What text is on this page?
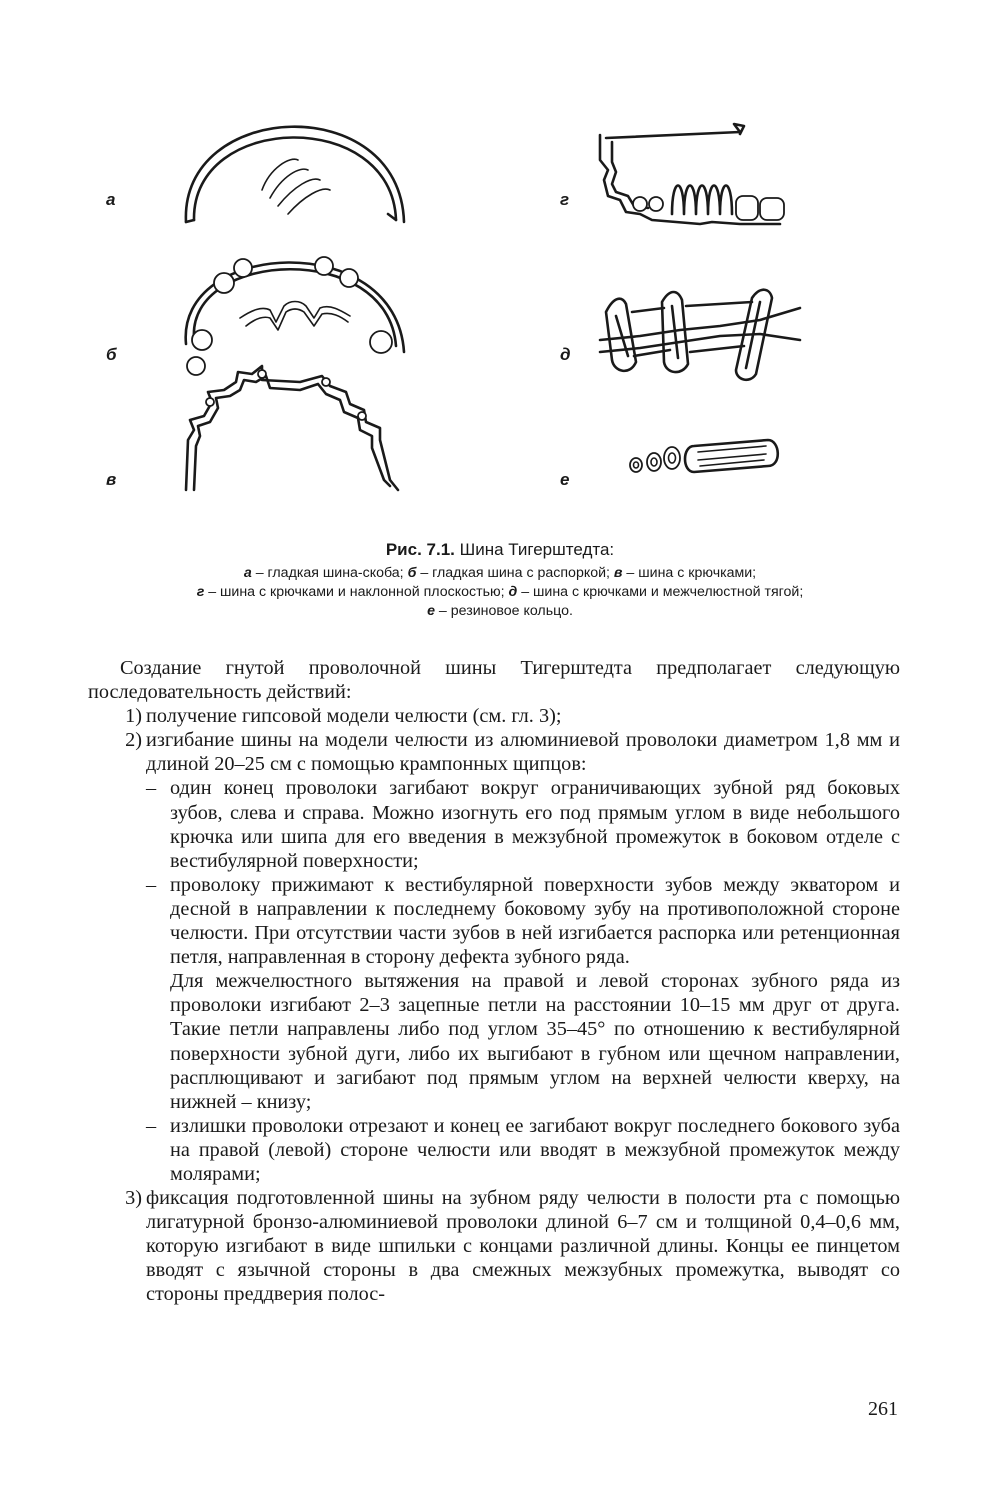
а
б
в
г
д
е

Рис. 7.1. Шина Тигерштедта:

а – гладкая шина-скоба; б – гладкая шина с распоркой; в – шина с крючками;

г – шина с крючками и наклонной плоскостью; д – шина с крючками и межчелюстной тягой;

е – резиновое кольцо.

Создание гнутой проволочной шины Тигерштедта предполагает следующую последовательность действий:

1) получение гипсовой модели челюсти (см. гл. 3);
2) изгибание шины на модели челюсти из алюминиевой проволоки диаметром 1,8 мм и длиной 20–25 см с помощью крампонных щипцов:
– один конец проволоки загибают вокруг ограничивающих зубной ряд боковых зубов, слева и справа. Можно изогнуть его под прямым углом в виде небольшого крючка или шипа для его введения в межзубной промежуток в боковом отделе с вестибулярной поверхности;
– проволоку прижимают к вестибулярной поверхности зубов между экватором и десной в направлении к последнему боковому зубу на противоположной стороне челюсти. При отсутствии части зубов в ней изгибается распорка или ретенционная петля, направленная в сторону дефекта зубного ряда.

Для межчелюстного вытяжения на правой и левой сторонах зубного ряда из проволоки изгибают 2–3 зацепные петли на расстоянии 10–15 мм друг от друга. Такие петли направлены либо под углом 35–45° по отношению к вестибулярной поверхности зубной дуги, либо их выгибают в губном или щечном направлении, расплющивают и загибают под прямым углом на верхней челюсти кверху, на нижней – книзу;

– излишки проволоки отрезают и конец ее загибают вокруг последнего бокового зуба на правой (левой) стороне челюсти или вводят в межзубной промежуток между молярами;
3) фиксация подготовленной шины на зубном ряду челюсти в полости рта с помощью лигатурной бронзо-алюминиевой проволоки длиной 6–7 см и толщиной 0,4–0,6 мм, которую изгибают в виде шпильки с концами различной длины. Концы ее пинцетом вводят с язычной стороны в два смежных межзубных промежутка, выводят со стороны преддверия полос-
261
